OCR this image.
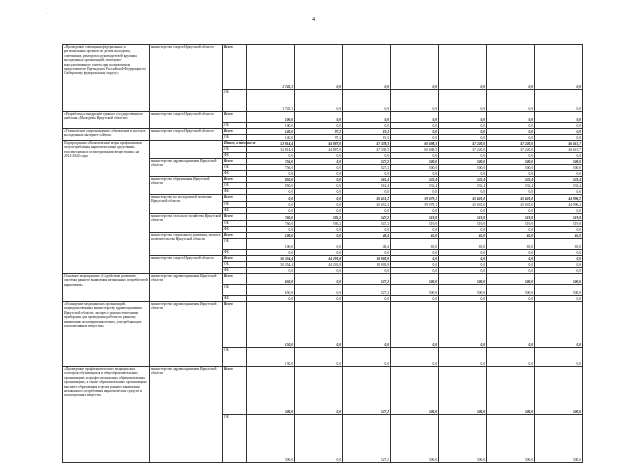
4
·
«Проведение совещания федеральных и региональных органов по делам молодежи, советников, ректоров и руководителей крупных молодежных организаций, экспертно-консультативного совета при полномочном представителе Президента Российской Федерации по Сибирскому федеральному округу»	министерство спорта Иркутской области	Всего	1 745,1	0,0	0,0	0,0	0,0	0,0	0,0
		ОБ	1 745,1	0,0	0,0	0,0	0,0	0,0	0,0
«Разработка и внедрение единого государственного шаблона «Молодежь Иркутской области»	министерство спорта Иркутской области	Всего	100,0	0,0	0,0	0,0	0,0	0,0	0,0
		ОБ	100,0	0,0	0,0	0,0	0,0	0,0	0,0
«Техническое сопровождение, обновление и костыль молодежных интернет-сайтов»	министерство спорта Иркутской области	Всего	140,0	97,2	19,3	0,0	0,0	0,0	0,0
		ОБ	140,0	97,2	19,3	0,0	0,0	0,0	0,0
Подпрограмма «Комплексные меры профилактики злоупотребления наркотическими средствами, токсическими и психотропными веществами» на 2014-2020 годы		Итого, в том числе	52 814,4	44 887,0	47 339,3	60 698,3	47 220,0	47 220,0	46 615,7
		ОБ	52 814,4	44 887,0	47 339,3	60 698,3	47 220,0	47 220,0	46 615,7
		ФБ	0,0	0,0	0,0	0,0	0,0	0,0	0,0
	министерство здравоохранения Иркутской области	Всего	756,0	0,0	527,2	500,0	500,0	500,0	500,0
		ОБ	756,0	0,0	527,2	500,0	500,0	500,0	500,0
		ФБ	0,0	0,0	0,0	0,0	0,0	0,0	0,0
	министерство образования Иркутской области	Всего	850,0	0,0	561,4	533,4	533,4	533,4	533,4
		ОБ	850,0	0,0	561,4	533,4	533,4	533,4	533,4
		ФБ	0,0	0,0	0,0	0,0	0,0	0,0	0,0
	министерство по молодежной политике Иркутской области	Всего	0,0	0,0	26 651,2	59 079,1	45 601,8	45 601,8	44 996,2
		ОБ	0,0	0,0	26 651,2	59 079,1	45 601,8	45 601,8	44 996,2
		ФБ	0,0	0,0	0,0	0,0	0,0	0,0	0,0
	министерство сельского хозяйства Иркутской области	Всего	760,0	595,2	547,2	519,8	519,8	519,8	519,8
		ОБ	760,0	595,2	547,2	519,8	519,8	519,8	519,8
		ФБ	0,0	0,0	0,0	0,0	0,0	0,0	0,0
	министерство социального развития, опеки и попечительства Иркутской области	Всего	100,0	0,0	48,4	65,0	65,0	65,0	65,0
		ОБ	100,0	0,0	48,4	65,0	65,0	65,0	65,0
		ФБ	0,0	0,0	0,0	0,0	0,0	0,0	0,0
	министерство спорта Иркутской области	Всего	50 354,4	44 291,8	18 903,9	0,0	0,0	0,0	0,0
		ОБ	50 354,4	44 291,8	18 903,9	0,0	0,0	0,0	0,0
		ФБ	0,0	0,0	0,0	0,0	0,0	0,0	0,0
Основное мероприятие «Содействие развитию системы раннего выявления незаконных потребителей наркотиков»	министерство здравоохранения Иркутской области	Всего	650,0	0,0	527,2	500,0	500,0	500,0	500,0
		ОБ	650,0	0,0	527,2	500,0	500,0	500,0	500,0
		ФБ	0,0	0,0	0,0	0,0	0,0	0,0	0,0
«Оснащение медицинских организаций, подведомственных министерству здравоохранения Иркутской области, экспресс-диагностическими приборами для проведения работы по раннему выявлению несовершеннолетних, употребляющих психоактивные вещества»	министерство здравоохранения Иркутской области	Всего	150,0	0,0	0,0	0,0	0,0	0,0	0,0
		ОБ	150,0	0,0	0,0	0,0	0,0	0,0	0,0
«Проведение профилактических медицинских осмотров обучающихся в общеобразовательных организациях и профессиональных образовательных организациях, а также образовательных организациях высшего образования в целях раннего выявления незаконного потребления наркотических средств и психотропных веществ»	министерство здравоохранения Иркутской области	Всего	500,0	0,0	527,2	500,0	500,0	500,0	500,0
		ОБ	500,0	0,0	527,2	500,0	500,0	500,0	500,0
